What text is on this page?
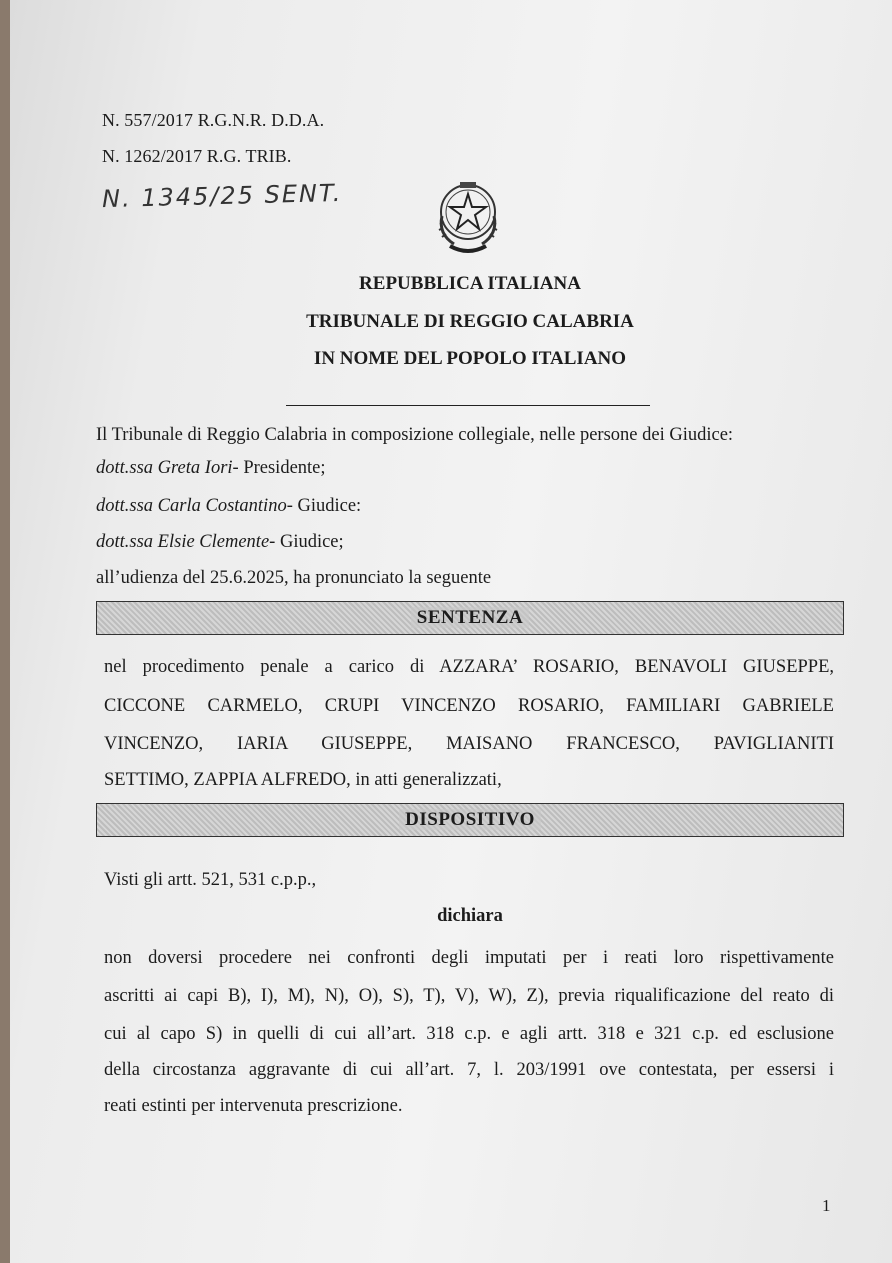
N. 557/2017 R.G.N.R. D.D.A.
N. 1262/2017 R.G. TRIB.
N. 1345/25 SENT.
REPUBBLICA ITALIANA
TRIBUNALE DI REGGIO CALABRIA
IN NOME DEL POPOLO ITALIANO
Il Tribunale di Reggio Calabria in composizione collegiale, nelle persone dei Giudice:
dott.ssa Greta Iori- Presidente;
dott.ssa Carla Costantino- Giudice:
dott.ssa Elsie Clemente- Giudice;
all’udienza del 25.6.2025, ha pronunciato la seguente
SENTENZA
nel procedimento penale a carico di AZZARA’ ROSARIO, BENAVOLI GIUSEPPE,
CICCONE CARMELO, CRUPI VINCENZO ROSARIO, FAMILIARI GABRIELE
VINCENZO, IARIA GIUSEPPE, MAISANO FRANCESCO, PAVIGLIANITI
SETTIMO, ZAPPIA ALFREDO, in atti generalizzati,
DISPOSITIVO
Visti gli artt. 521, 531 c.p.p.,
dichiara
non doversi procedere nei confronti degli imputati per i reati loro rispettivamente
ascritti ai capi B), I), M), N), O), S), T), V), W), Z), previa riqualificazione del reato di
cui al capo S) in quelli di cui all’art. 318 c.p. e agli artt. 318 e 321 c.p. ed esclusione
della circostanza aggravante di cui all’art. 7, l. 203/1991 ove contestata, per essersi i
reati estinti per intervenuta prescrizione.
1
